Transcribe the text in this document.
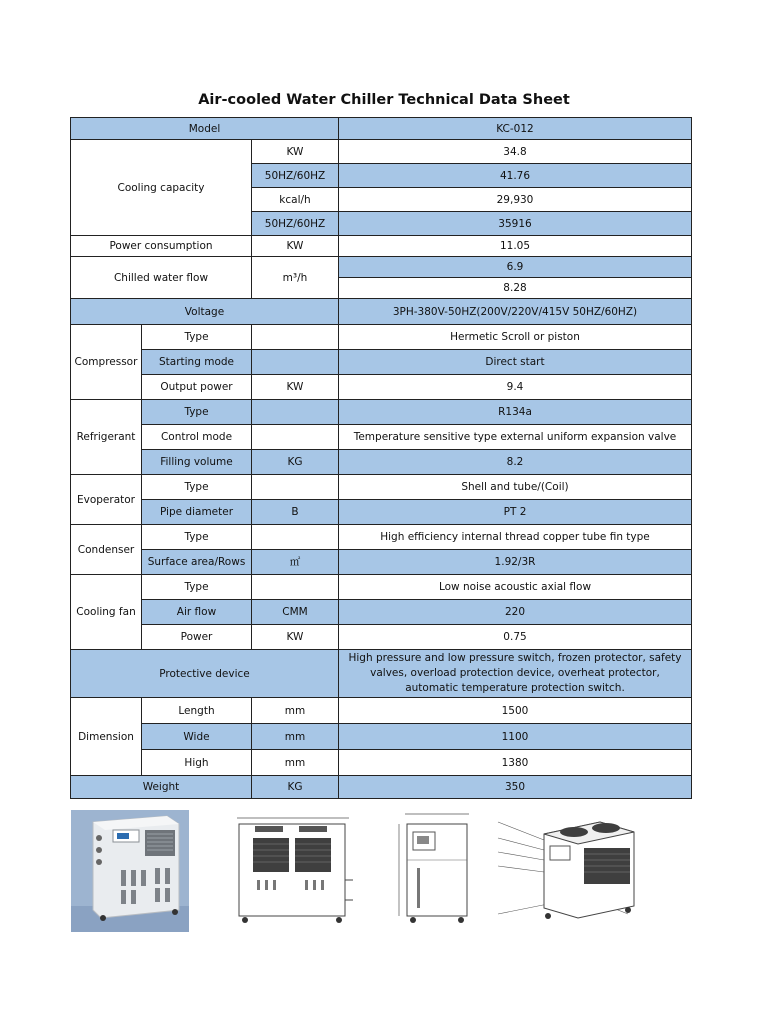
Air-cooled Water Chiller Technical Data Sheet
Model			KC-012
Cooling capacity		KW	34.8
		50HZ/60HZ	41.76
		kcal/h	29,930
		50HZ/60HZ	35916
Power consumption		KW	11.05
Chilled water flow		m³/h	6.9
			8.28
Voltage			3PH-380V-50HZ(200V/220V/415V 50HZ/60HZ)
Compressor	Type		Hermetic Scroll or piston
	Starting mode		Direct start
	Output power	KW	9.4
Refrigerant	Type		R134a
	Control mode		Temperature sensitive type external uniform expansion valve
	Filling volume	KG	8.2
Evoperator	Type		Shell and tube/(Coil)
	Pipe diameter	B	PT 2
Condenser	Type		High efficiency internal thread copper tube fin type
	Surface area/Rows	㎡	1.92/3R
Cooling fan	Type		Low noise acoustic axial flow
	Air flow	CMM	220
	Power	KW	0.75
Protective device			High pressure and low pressure switch, frozen protector, safety valves, overload protection device, overheat protector, automatic temperature protection switch.
Dimension	Length	mm	1500
	Wide	mm	1100
	High	mm	1380
Weight		KG	350
